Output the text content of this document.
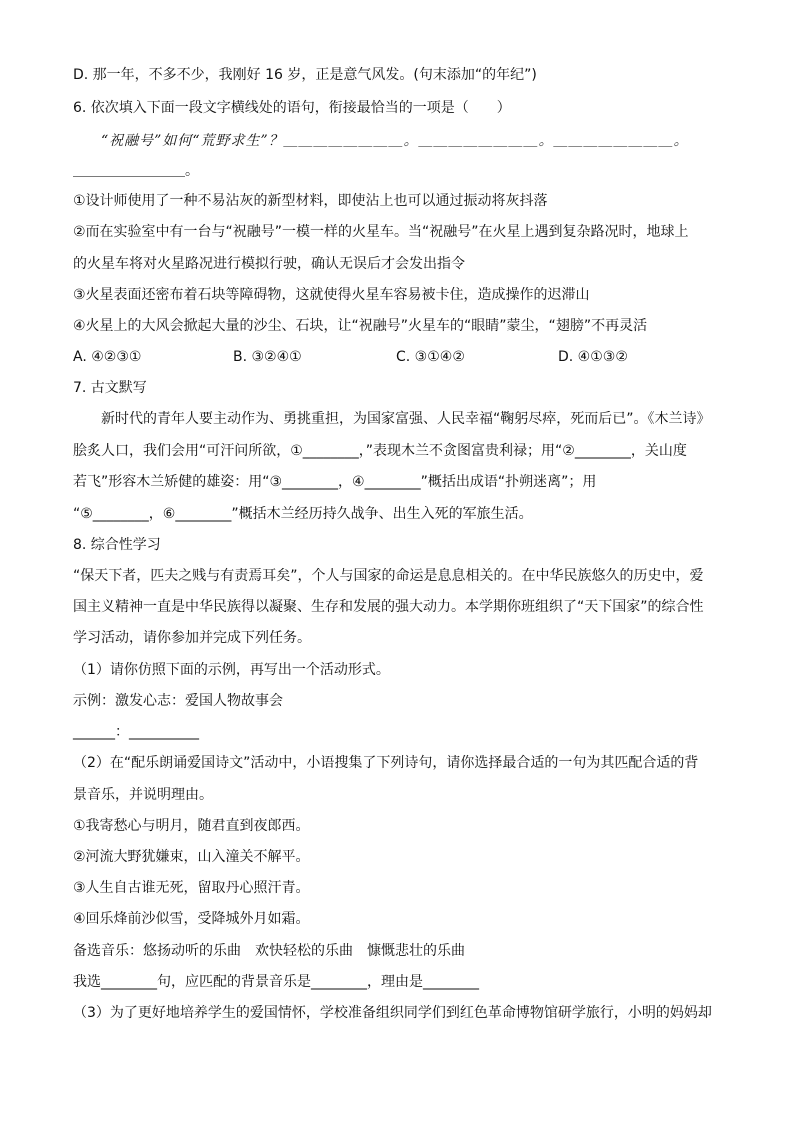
D. 那一年，不多不少，我刚好 16 岁，正是意气风发。(句末添加“的年纪”)

6. 依次填入下面一段文字横线处的语句，衔接最恰当的一项是（　　）

“祝融号”如何“荒野求生”？＿＿＿＿＿＿＿＿。＿＿＿＿＿＿＿＿。＿＿＿＿＿＿＿＿。

＿＿＿＿＿＿＿＿。

①设计师使用了一种不易沾灰的新型材料，即使沾上也可以通过振动将灰抖落

②而在实验室中有一台与“祝融号”一模一样的火星车。当“祝融号”在火星上遇到复杂路况时，地球上

的火星车将对火星路况进行模拟行驶，确认无误后才会发出指令

③火星表面还密布着石块等障碍物，这就使得火星车容易被卡住，造成操作的迟滞山

④火星上的大风会掀起大量的沙尘、石块，让“祝融号”火星车的“眼睛”蒙尘，“翅膀”不再灵活

A. ④②③①	B. ③②④①	C. ③①④②	D. ④①③②

7. 古文默写

新时代的青年人要主动作为、勇挑重担，为国家富强、人民幸福“鞠躬尽瘁，死而后已”。《木兰诗》

脍炙人口，我们会用“可汗问所欲，①________，”表现木兰不贪图富贵利禄；用“②________，关山度

若飞”形容木兰矫健的雄姿：用“③________，④________”概括出成语“扑朔迷离”；用

“⑤________，⑥________”概括木兰经历持久战争、出生入死的军旅生活。

8. 综合性学习

“保天下者，匹夫之贱与有责焉耳矣”，个人与国家的命运是息息相关的。在中华民族悠久的历史中，爱

国主义精神一直是中华民族得以凝聚、生存和发展的强大动力。本学期你班组织了“天下国家”的综合性

学习活动，请你参加并完成下列任务。

（1）请你仿照下面的示例，再写出一个活动形式。

示例：激发心志：爱国人物故事会

______：__________

（2）在“配乐朗诵爱国诗文”活动中，小语搜集了下列诗句，请你选择最合适的一句为其匹配合适的背

景音乐，并说明理由。

①我寄愁心与明月，随君直到夜郎西。

②河流大野犹嫌束，山入潼关不解平。

③人生自古谁无死，留取丹心照汗青。

④回乐烽前沙似雪，受降城外月如霜。

备选音乐：悠扬动听的乐曲　欢快轻松的乐曲　慷慨悲壮的乐曲

我选________句，应匹配的背景音乐是________，理由是________

（3）为了更好地培养学生的爱国情怀，学校准备组织同学们到红色革命博物馆研学旅行，小明的妈妈却
